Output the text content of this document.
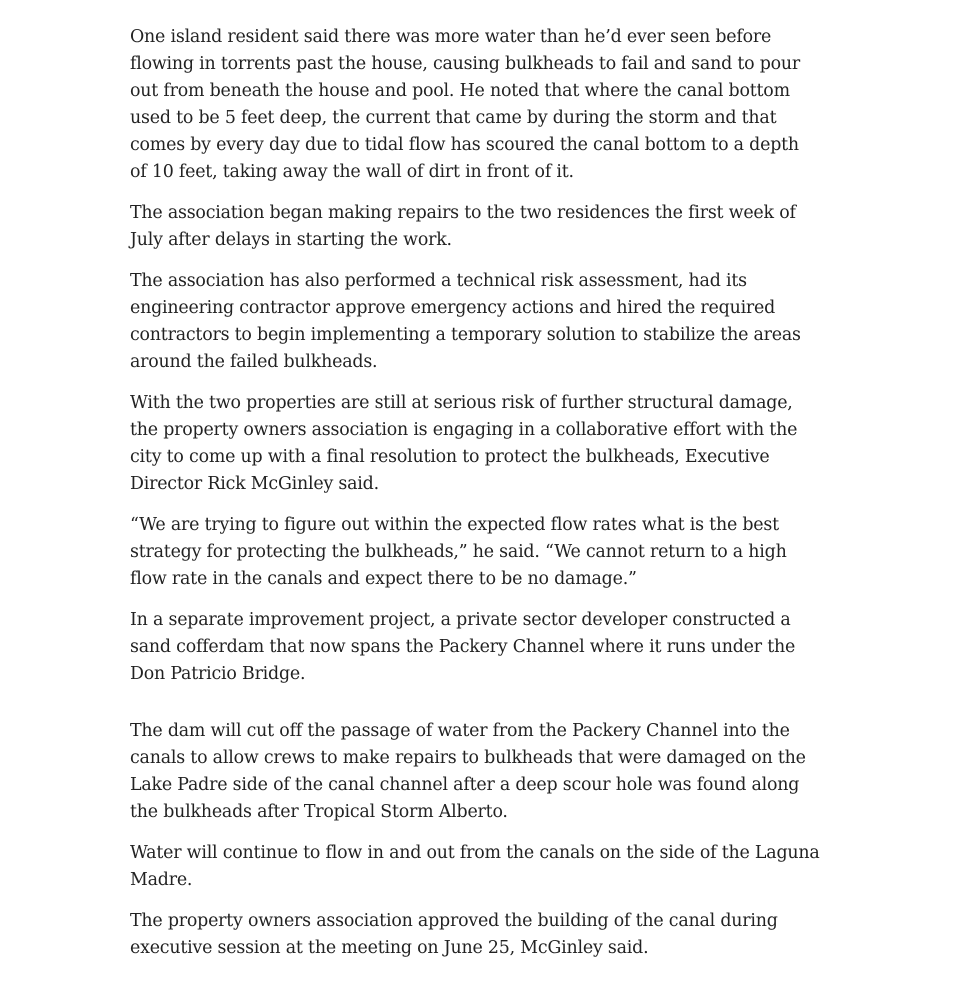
One island resident said there was more water than he’d ever seen before flowing in torrents past the house, causing bulkheads to fail and sand to pour out from beneath the house and pool. He noted that where the canal bottom used to be 5 feet deep, the current that came by during the storm and that comes by every day due to tidal flow has scoured the canal bottom to a depth of 10 feet, taking away the wall of dirt in front of it.

The association began making repairs to the two residences the first week of July after delays in starting the work.

The association has also performed a technical risk assessment, had its engineering contractor approve emergency actions and hired the required contractors to begin implementing a temporary solution to stabilize the areas around the failed bulkheads.

With the two properties are still at serious risk of further structural damage, the property owners association is engaging in a collaborative effort with the city to come up with a final resolution to protect the bulkheads, Executive Director Rick McGinley said.

“We are trying to figure out within the expected flow rates what is the best strategy for protecting the bulkheads,” he said. “We cannot return to a high flow rate in the canals and expect there to be no damage.”

In a separate improvement project, a private sector developer constructed a sand cofferdam that now spans the Packery Channel where it runs under the Don Patricio Bridge.

The dam will cut off the passage of water from the Packery Channel into the canals to allow crews to make repairs to bulkheads that were damaged on the Lake Padre side of the canal channel after a deep scour hole was found along the bulkheads after Tropical Storm Alberto.

Water will continue to flow in and out from the canals on the side of the Laguna Madre.

The property owners association approved the building of the canal during executive session at the meeting on June 25, McGinley said.
